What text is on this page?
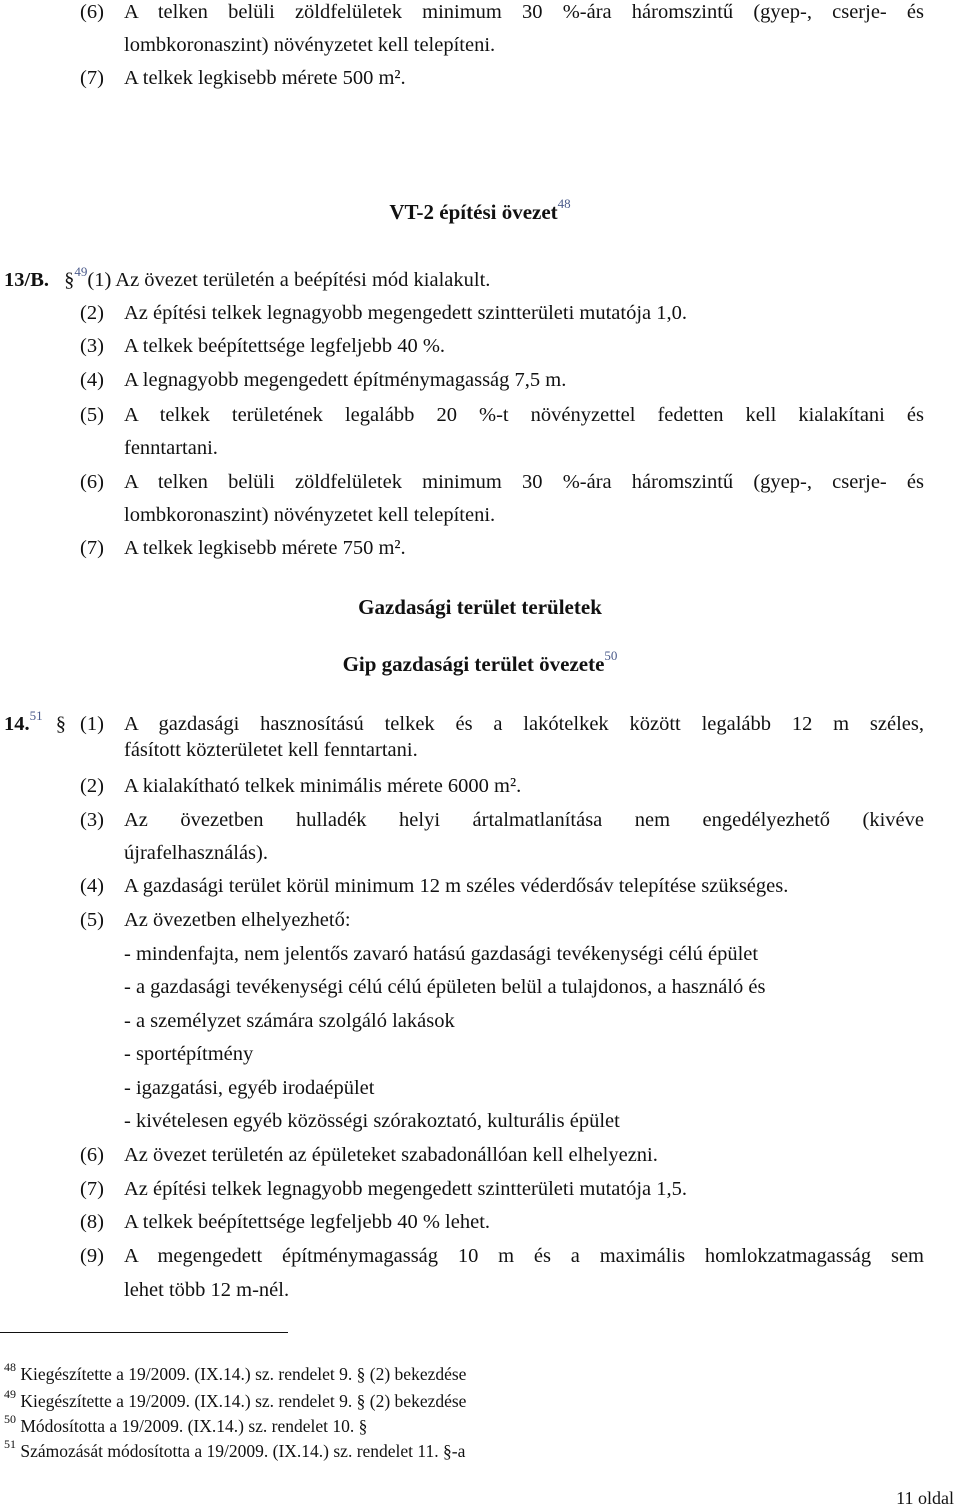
(6) A telken belüli zöldfelületek minimum 30 %-ára háromszintű (gyep-, cserje- és
lombkoronaszint) növényzetet kell telepíteni.
(7) A telkek legkisebb mérete 500 m².
VT-2 építési övezet$^{48}$
13/B. §$^{49}$(1) Az övezet területén a beépítési mód kialakult.
(2) Az építési telkek legnagyobb megengedett szintterületi mutatója 1,0.
(3) A telkek beépítettsége legfeljebb 40 %.
(4) A legnagyobb megengedett építménymagasság 7,5 m.
(5) A telkek területének legalább 20 %-t növényzettel fedetten kell kialakítani és
fenntartani.
(6) A telken belüli zöldfelületek minimum 30 %-ára háromszintű (gyep-, cserje- és
lombkoronaszint) növényzetet kell telepíteni.
(7) A telkek legkisebb mérete 750 m².
Gazdasági terület területek
Gip gazdasági terület övezete$^{50}$
14.51 § (1) A gazdasági hasznosítású telkek és a lakótelkek között legalább 12 m széles,
fásított közterületet kell fenntartani.
(2) A kialakítható telkek minimális mérete 6000 m².
(3) Az övezetben hulladék helyi ártalmatlanítása nem engedélyezhető (kivéve
újrafelhasználás).
(4) A gazdasági terület körül minimum 12 m széles véderdősáv telepítése szükséges.
(5) Az övezetben elhelyezhető:
- mindenfajta, nem jelentős zavaró hatású gazdasági tevékenységi célú épület
- a gazdasági tevékenységi célú célú épületen belül a tulajdonos, a használó és
- a személyzet számára szolgáló lakások
- sportépítmény
- igazgatási, egyéb irodaépület
- kivételesen egyéb közösségi szórakoztató, kulturális épület
(6) Az övezet területén az épületeket szabadonállóan kell elhelyezni.
(7) Az építési telkek legnagyobb megengedett szintterületi mutatója 1,5.
(8) A telkek beépítettsége legfeljebb 40 % lehet.
(9) A megengedett építménymagasság 10 m és a maximális homlokzatmagasság sem
lehet több 12 m-nél.
$^{48}$ Kiegészítette a 19/2009. (IX.14.) sz. rendelet 9. § (2) bekezdése
$^{49}$ Kiegészítette a 19/2009. (IX.14.) sz. rendelet 9. § (2) bekezdése
$^{50}$ Módosította a 19/2009. (IX.14.) sz. rendelet 10. §
$^{51}$ Számozását módosította a 19/2009. (IX.14.) sz. rendelet 11. §-a
11 oldal
